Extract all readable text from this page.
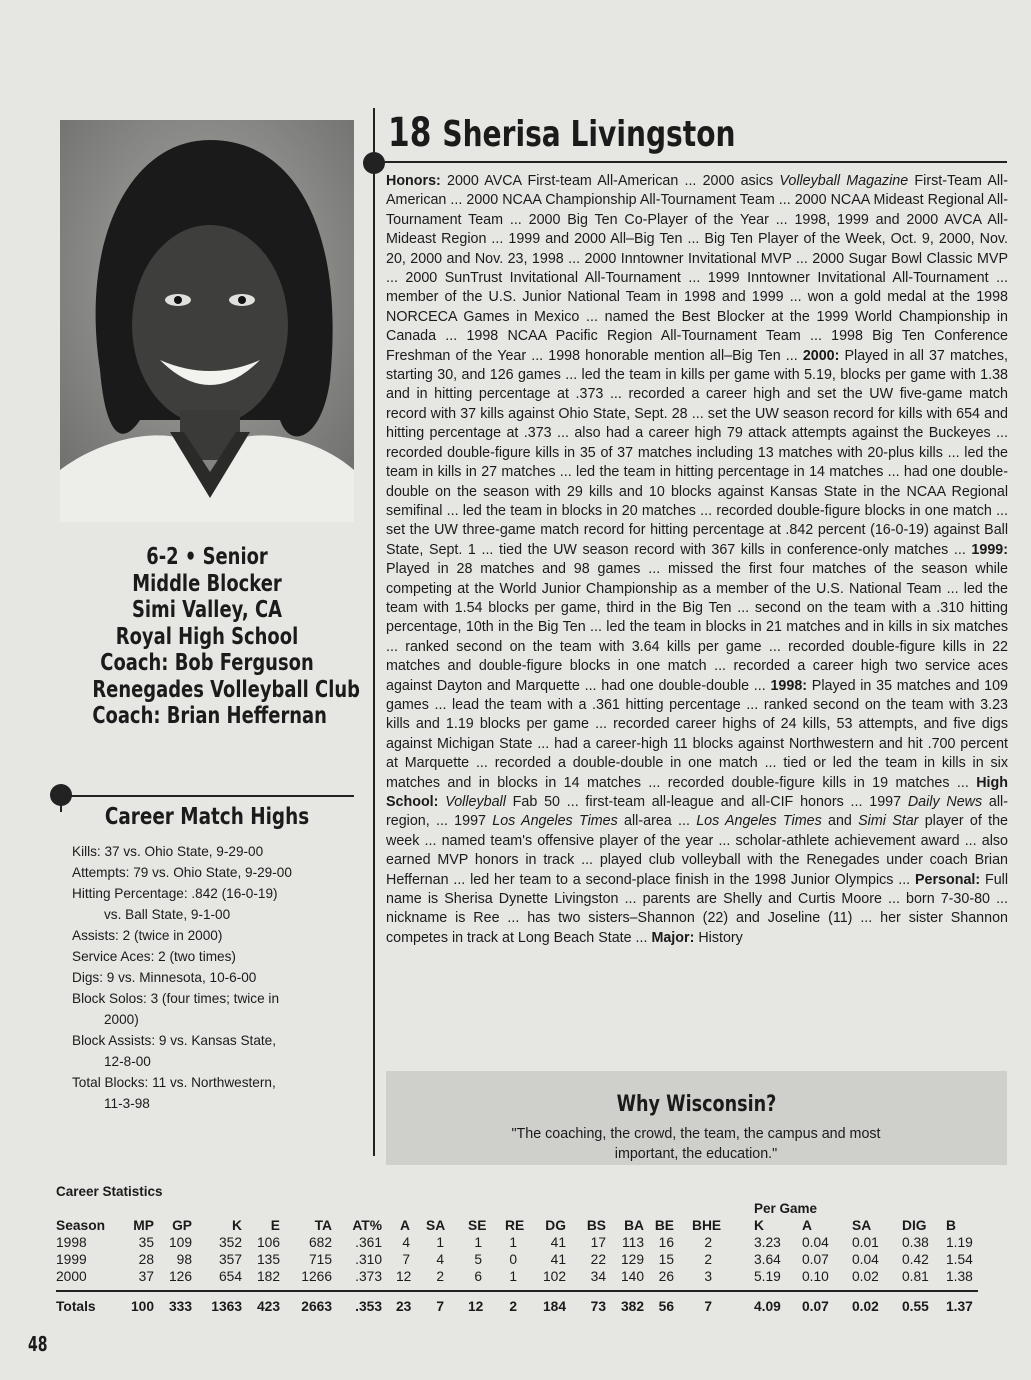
18 Sherisa Livingston
6-2 • Senior
Middle Blocker
Simi Valley, CA
Royal High School
Coach: Bob Ferguson
Renegades Volleyball Club
Coach: Brian Heffernan
Career Match Highs
Kills: 37 vs. Ohio State, 9-29-00
Attempts: 79 vs. Ohio State, 9-29-00
Hitting Percentage: .842 (16-0-19)
vs. Ball State, 9-1-00
Assists: 2 (twice in 2000)
Service Aces: 2 (two times)
Digs: 9 vs. Minnesota, 10-6-00
Block Solos: 3 (four times; twice in
2000)
Block Assists: 9 vs. Kansas State,
12-8-00
Total Blocks: 11 vs. Northwestern,
11-3-98
Honors: 2000 AVCA First-team All-American ... 2000 asics Volleyball Magazine First-Team All-American ... 2000 NCAA Championship All-Tournament Team ... 2000 NCAA Mideast Regional All-Tournament Team ... 2000 Big Ten Co-Player of the Year ... 1998, 1999 and 2000 AVCA All-Mideast Region ... 1999 and 2000 All–Big Ten ... Big Ten Player of the Week, Oct. 9, 2000, Nov. 20, 2000 and Nov. 23, 1998 ... 2000 Inntowner Invitational MVP ... 2000 Sugar Bowl Classic MVP ... 2000 SunTrust Invitational All-Tournament ... 1999 Inntowner Invitational All-Tournament ... member of the U.S. Junior National Team in 1998 and 1999 ... won a gold medal at the 1998 NORCECA Games in Mexico ... named the Best Blocker at the 1999 World Championship in Canada ... 1998 NCAA Pacific Region All-Tournament Team ... 1998 Big Ten Conference Freshman of the Year ... 1998 honorable mention all–Big Ten ... 2000: Played in all 37 matches, starting 30, and 126 games ... led the team in kills per game with 5.19, blocks per game with 1.38 and in hitting percentage at .373 ... recorded a career high and set the UW five-game match record with 37 kills against Ohio State, Sept. 28 ... set the UW season record for kills with 654 and hitting percentage at .373 ... also had a career high 79 attack attempts against the Buckeyes ... recorded double-figure kills in 35 of 37 matches including 13 matches with 20-plus kills ... led the team in kills in 27 matches ... led the team in hitting percentage in 14 matches ... had one double-double on the season with 29 kills and 10 blocks against Kansas State in the NCAA Regional semifinal ... led the team in blocks in 20 matches ... recorded double-figure blocks in one match ... set the UW three-game match record for hitting percentage at .842 percent (16-0-19) against Ball State, Sept. 1 ... tied the UW season record with 367 kills in conference-only matches ... 1999: Played in 28 matches and 98 games ... missed the first four matches of the season while competing at the World Junior Championship as a member of the U.S. National Team ... led the team with 1.54 blocks per game, third in the Big Ten ... second on the team with a .310 hitting percentage, 10th in the Big Ten ... led the team in blocks in 21 matches and in kills in six matches ... ranked second on the team with 3.64 kills per game ... recorded double-figure kills in 22 matches and double-figure blocks in one match ... recorded a career high two service aces against Dayton and Marquette ... had one double-double ... 1998: Played in 35 matches and 109 games ... lead the team with a .361 hitting percentage ... ranked second on the team with 3.23 kills and 1.19 blocks per game ... recorded career highs of 24 kills, 53 attempts, and five digs against Michigan State ... had a career-high 11 blocks against Northwestern and hit .700 percent at Marquette ... recorded a double-double in one match ... tied or led the team in kills in six matches and in blocks in 14 matches ... recorded double-figure kills in 19 matches ... High School: Volleyball Fab 50 ... first-team all-league and all-CIF honors ... 1997 Daily News all-region, ... 1997 Los Angeles Times all-area ... Los Angeles Times and Simi Star player of the week ... named team's offensive player of the year ... scholar-athlete achievement award ... also earned MVP honors in track ... played club volleyball with the Renegades under coach Brian Heffernan ... led her team to a second-place finish in the 1998 Junior Olympics ... Personal: Full name is Sherisa Dynette Livingston ... parents are Shelly and Curtis Moore ... born 7-30-80 ... nickname is Ree ... has two sisters–Shannon (22) and Joseline (11) ... her sister Shannon competes in track at Long Beach State ... Major: History
Why Wisconsin?
"The coaching, the crowd, the team, the campus and most important, the education."
Career Statistics
Per Game
Season	MP	GP	K	E	TA	AT% A SA SE RE	DG	BS	BA BE BHE K	A	SA DIG B
1998	35	109	352	106	682	.361	4	1	1	1	41	17	113	16	2	3.23 0.04 0.01 0.38 1.19
1999	28	98	357	135	715	.310	7	4	5	0	41	22	129	15	2	3.64 0.07 0.04 0.42 1.54
2000	37	126	654	182	1266	.373 12	2	6	1	102	34	140	26	3	5.19 0.10 0.02 0.81 1.38
Totals	100	333 1363	423	2663	.353 23	7 12	2	184	73	382	56	7	4.09 0.07 0.02 0.55 1.37
48
